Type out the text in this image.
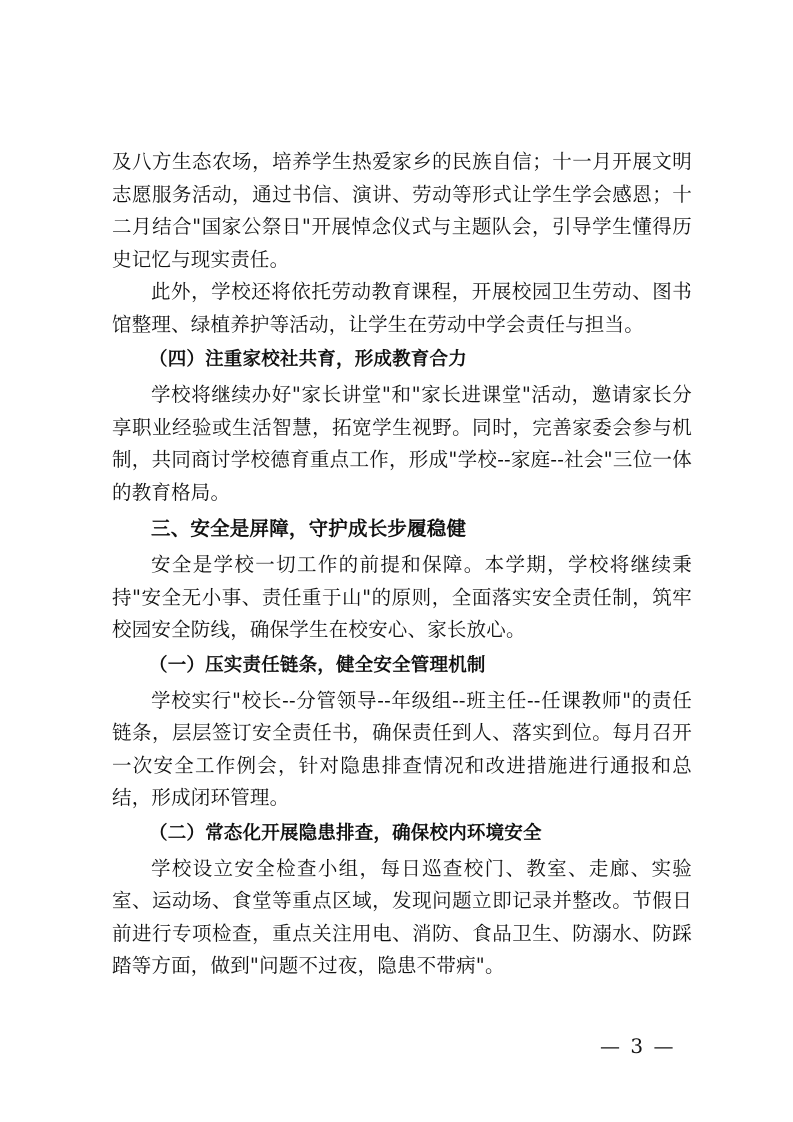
及八方生态农场，培养学生热爱家乡的民族自信；十一月开展文明志愿服务活动，通过书信、演讲、劳动等形式让学生学会感恩；十二月结合"国家公祭日"开展悼念仪式与主题队会，引导学生懂得历史记忆与现实责任。

此外，学校还将依托劳动教育课程，开展校园卫生劳动、图书馆整理、绿植养护等活动，让学生在劳动中学会责任与担当。

（四）注重家校社共育，形成教育合力

学校将继续办好"家长讲堂"和"家长进课堂"活动，邀请家长分享职业经验或生活智慧，拓宽学生视野。同时，完善家委会参与机制，共同商讨学校德育重点工作，形成"学校--家庭--社会"三位一体的教育格局。

三、安全是屏障，守护成长步履稳健

安全是学校一切工作的前提和保障。本学期，学校将继续秉持"安全无小事、责任重于山"的原则，全面落实安全责任制，筑牢校园安全防线，确保学生在校安心、家长放心。

（一）压实责任链条，健全安全管理机制

学校实行"校长--分管领导--年级组--班主任--任课教师"的责任链条，层层签订安全责任书，确保责任到人、落实到位。每月召开一次安全工作例会，针对隐患排查情况和改进措施进行通报和总结，形成闭环管理。

（二）常态化开展隐患排查，确保校内环境安全

学校设立安全检查小组，每日巡查校门、教室、走廊、实验室、运动场、食堂等重点区域，发现问题立即记录并整改。节假日前进行专项检查，重点关注用电、消防、食品卫生、防溺水、防踩踏等方面，做到"问题不过夜，隐患不带病"。

— 3 —
